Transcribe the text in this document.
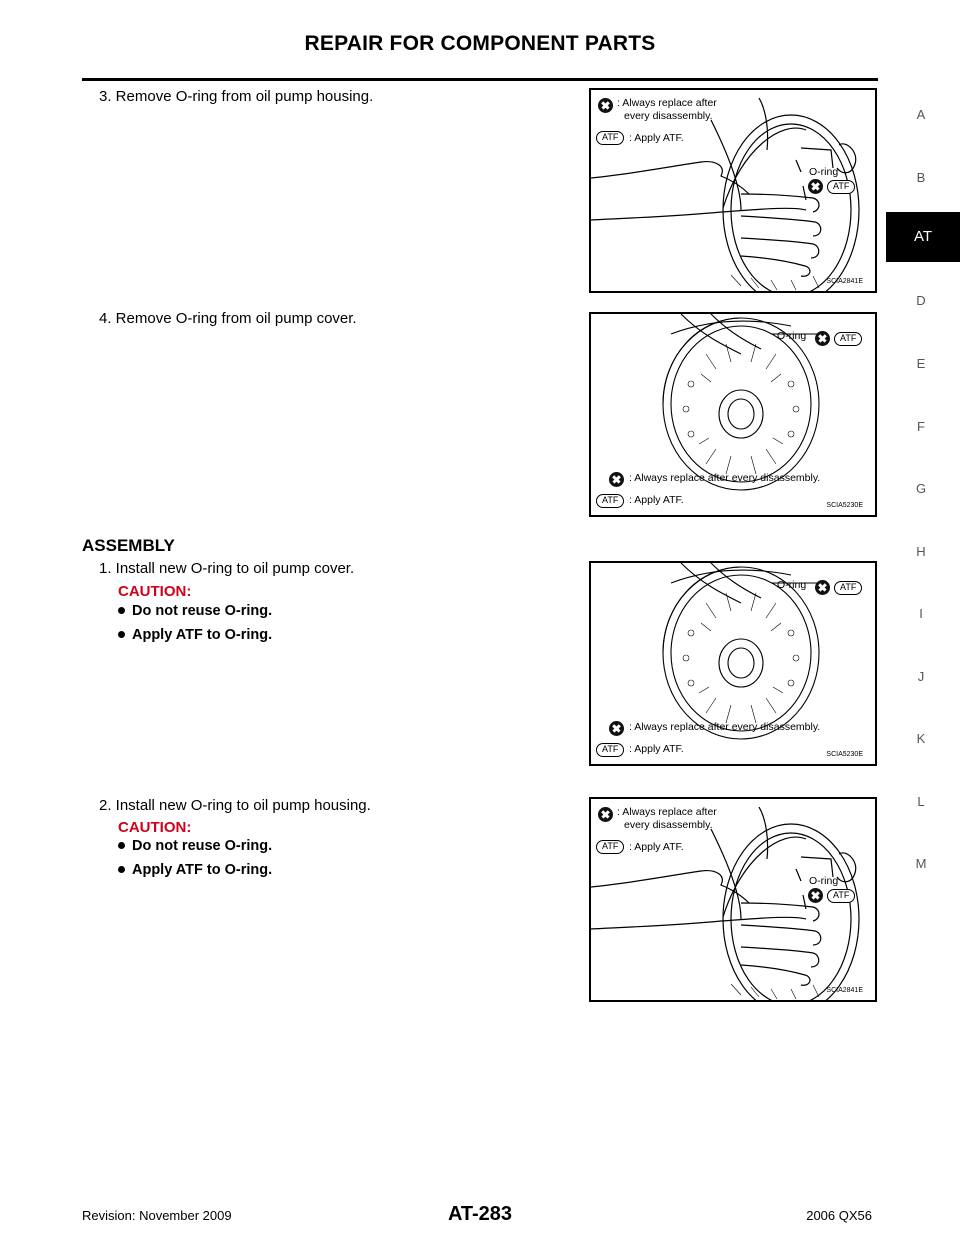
REPAIR FOR COMPONENT PARTS
3. Remove O-ring from oil pump housing.
4. Remove O-ring from oil pump cover.
ASSEMBLY
1. Install new O-ring to oil pump cover.
CAUTION:
Do not reuse O-ring.
Apply ATF to O-ring.
2. Install new O-ring to oil pump housing.
CAUTION:
Do not reuse O-ring.
Apply ATF to O-ring.
: Always replace after
every disassembly.
ATF	: Apply ATF.
O-ring
ATF
SCIA2841E
O-ring	ATF
: Always replace after every disassembly.
ATF	: Apply ATF.	SCIA5230E
O-ring	ATF
: Always replace after every disassembly.
ATF	: Apply ATF.	SCIA5230E
: Always replace after
every disassembly.
ATF	: Apply ATF.
O-ring
ATF
SCIA2841E
A
B
AT
D
E
F
G
H
I
J
K
L
M
Revision: November 2009	AT-283	2006 QX56
